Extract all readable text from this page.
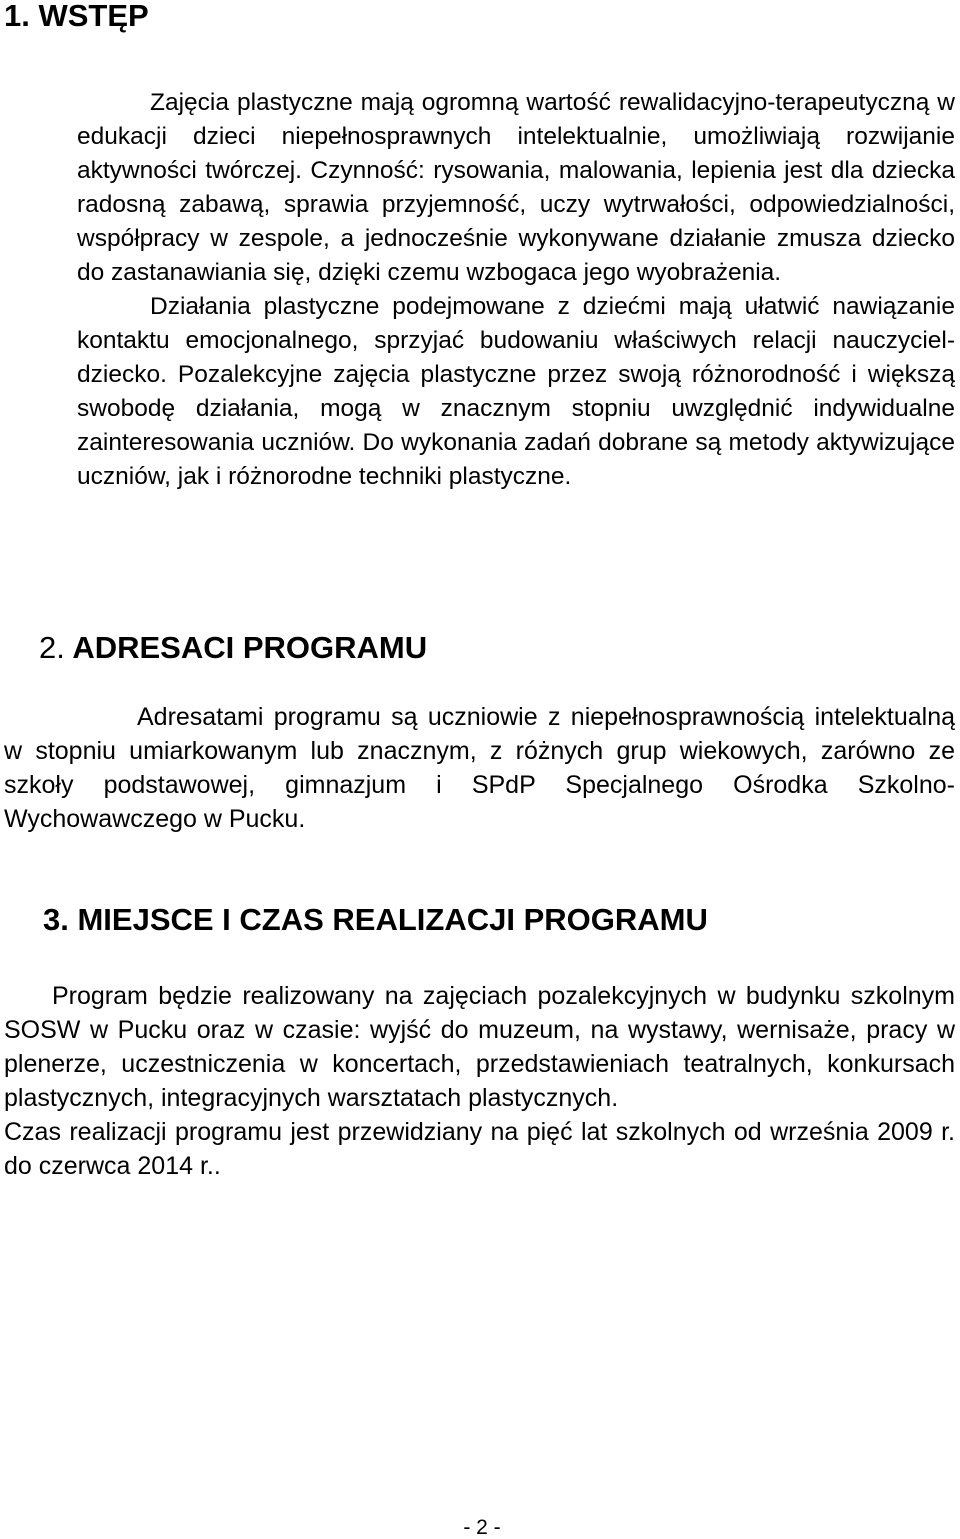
1. WSTĘP
Zajęcia plastyczne mają ogromną wartość rewalidacyjno-terapeutyczną w edukacji dzieci niepełnosprawnych intelektualnie, umożliwiają rozwijanie aktywności twórczej. Czynność: rysowania, malowania, lepienia jest dla dziecka radosną zabawą, sprawia przyjemność, uczy wytrwałości, odpowiedzialności, współpracy w zespole, a jednocześnie wykonywane działanie zmusza dziecko do zastanawiania się, dzięki czemu wzbogaca jego wyobrażenia.
Działania plastyczne podejmowane z dziećmi mają ułatwić nawiązanie kontaktu emocjonalnego, sprzyjać budowaniu właściwych relacji nauczyciel-dziecko. Pozalekcyjne zajęcia plastyczne przez swoją różnorodność i większą swobodę działania, mogą w znacznym stopniu uwzględnić indywidualne zainteresowania uczniów. Do wykonania zadań dobrane są metody aktywizujące uczniów, jak i różnorodne techniki plastyczne.
2. ADRESACI PROGRAMU
Adresatami programu są uczniowie z niepełnosprawnością intelektualną w stopniu umiarkowanym lub znacznym, z różnych grup wiekowych, zarówno ze szkoły podstawowej, gimnazjum i SPdP Specjalnego Ośrodka Szkolno- Wychowawczego w Pucku.
3. MIEJSCE I CZAS REALIZACJI PROGRAMU
Program będzie realizowany na zajęciach pozalekcyjnych w budynku szkolnym SOSW w Pucku oraz w czasie: wyjść do muzeum, na wystawy, wernisaże, pracy w plenerze, uczestniczenia w koncertach, przedstawieniach teatralnych, konkursach plastycznych, integracyjnych warsztatach plastycznych.
Czas realizacji programu jest przewidziany na pięć lat szkolnych od września 2009 r. do czerwca 2014 r..
- 2 -
